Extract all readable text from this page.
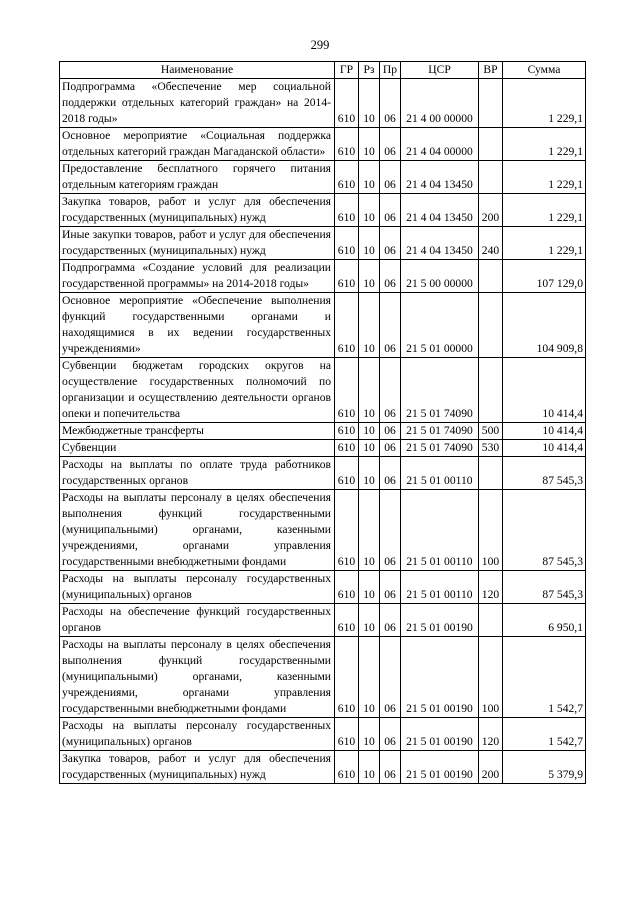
299
Наименование	ГР	Рз	Пр	ЦСР	ВР	Сумма
Подпрограмма «Обеспечение мер социальной поддержки отдельных категорий граждан» на 2014-2018 годы»	610	10	06	21 4 00 00000		1 229,1
Основное мероприятие «Социальная поддержка отдельных категорий граждан Магаданской области»	610	10	06	21 4 04 00000		1 229,1
Предоставление бесплатного горячего питания отдельным категориям граждан	610	10	06	21 4 04 13450		1 229,1
Закупка товаров, работ и услуг для обеспечения государственных (муниципальных) нужд	610	10	06	21 4 04 13450	200	1 229,1
Иные закупки товаров, работ и услуг для обеспечения государственных (муниципальных) нужд	610	10	06	21 4 04 13450	240	1 229,1
Подпрограмма «Создание условий для реализации государственной программы» на 2014-2018 годы»	610	10	06	21 5 00 00000		107 129,0
Основное мероприятие «Обеспечение выполнения функций государственными органами и находящимися в их ведении государственных учреждениями»	610	10	06	21 5 01 00000		104 909,8
Субвенции бюджетам городских округов на осуществление государственных полномочий по организации и осуществлению деятельности органов опеки и попечительства	610	10	06	21 5 01 74090		10 414,4
Межбюджетные трансферты	610	10	06	21 5 01 74090	500	10 414,4
Субвенции	610	10	06	21 5 01 74090	530	10 414,4
Расходы на выплаты по оплате труда работников государственных органов	610	10	06	21 5 01 00110		87 545,3
Расходы на выплаты персоналу в целях обеспечения выполнения функций государственными (муниципальными) органами, казенными учреждениями, органами управления государственными внебюджетными фондами	610	10	06	21 5 01 00110	100	87 545,3
Расходы на выплаты персоналу государственных (муниципальных) органов	610	10	06	21 5 01 00110	120	87 545,3
Расходы на обеспечение функций государственных органов	610	10	06	21 5 01 00190		6 950,1
Расходы на выплаты персоналу в целях обеспечения выполнения функций государственными (муниципальными) органами, казенными учреждениями, органами управления государственными внебюджетными фондами	610	10	06	21 5 01 00190	100	1 542,7
Расходы на выплаты персоналу государственных (муниципальных) органов	610	10	06	21 5 01 00190	120	1 542,7
Закупка товаров, работ и услуг для обеспечения государственных (муниципальных) нужд	610	10	06	21 5 01 00190	200	5 379,9
